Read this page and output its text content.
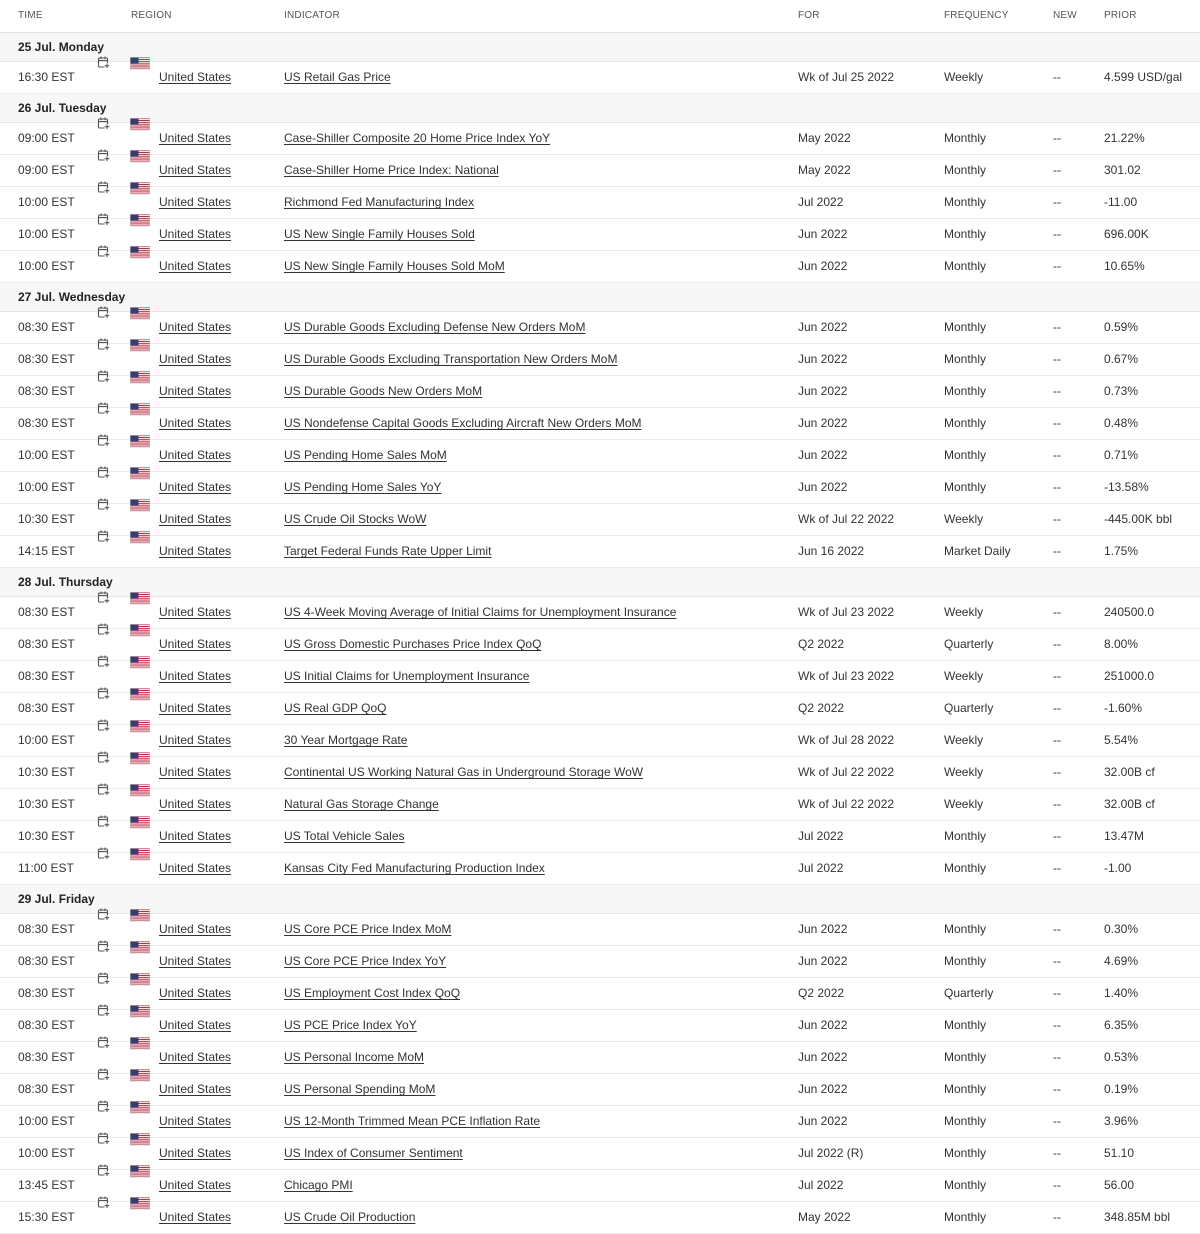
TIME	REGION	INDICATOR	FOR	FREQUENCY	NEW	PRIOR
25 Jul. Monday
16:30 EST	United States	US Retail Gas Price	Wk of Jul 25 2022	Weekly	--	4.599 USD/gal
26 Jul. Tuesday
09:00 EST	United States	Case-Shiller Composite 20 Home Price Index YoY	May 2022	Monthly	--	21.22%
09:00 EST	United States	Case-Shiller Home Price Index: National	May 2022	Monthly	--	301.02
10:00 EST	United States	Richmond Fed Manufacturing Index	Jul 2022	Monthly	--	-11.00
10:00 EST	United States	US New Single Family Houses Sold	Jun 2022	Monthly	--	696.00K
10:00 EST	United States	US New Single Family Houses Sold MoM	Jun 2022	Monthly	--	10.65%
27 Jul. Wednesday
08:30 EST	United States	US Durable Goods Excluding Defense New Orders MoM	Jun 2022	Monthly	--	0.59%
08:30 EST	United States	US Durable Goods Excluding Transportation New Orders MoM	Jun 2022	Monthly	--	0.67%
08:30 EST	United States	US Durable Goods New Orders MoM	Jun 2022	Monthly	--	0.73%
08:30 EST	United States	US Nondefense Capital Goods Excluding Aircraft New Orders MoM	Jun 2022	Monthly	--	0.48%
10:00 EST	United States	US Pending Home Sales MoM	Jun 2022	Monthly	--	0.71%
10:00 EST	United States	US Pending Home Sales YoY	Jun 2022	Monthly	--	-13.58%
10:30 EST	United States	US Crude Oil Stocks WoW	Wk of Jul 22 2022	Weekly	--	-445.00K bbl
14:15 EST	United States	Target Federal Funds Rate Upper Limit	Jun 16 2022	Market Daily	--	1.75%
28 Jul. Thursday
08:30 EST	United States	US 4-Week Moving Average of Initial Claims for Unemployment Insurance	Wk of Jul 23 2022	Weekly	--	240500.0
08:30 EST	United States	US Gross Domestic Purchases Price Index QoQ	Q2 2022	Quarterly	--	8.00%
08:30 EST	United States	US Initial Claims for Unemployment Insurance	Wk of Jul 23 2022	Weekly	--	251000.0
08:30 EST	United States	US Real GDP QoQ	Q2 2022	Quarterly	--	-1.60%
10:00 EST	United States	30 Year Mortgage Rate	Wk of Jul 28 2022	Weekly	--	5.54%
10:30 EST	United States	Continental US Working Natural Gas in Underground Storage WoW	Wk of Jul 22 2022	Weekly	--	32.00B cf
10:30 EST	United States	Natural Gas Storage Change	Wk of Jul 22 2022	Weekly	--	32.00B cf
10:30 EST	United States	US Total Vehicle Sales	Jul 2022	Monthly	--	13.47M
11:00 EST	United States	Kansas City Fed Manufacturing Production Index	Jul 2022	Monthly	--	-1.00
29 Jul. Friday
08:30 EST	United States	US Core PCE Price Index MoM	Jun 2022	Monthly	--	0.30%
08:30 EST	United States	US Core PCE Price Index YoY	Jun 2022	Monthly	--	4.69%
08:30 EST	United States	US Employment Cost Index QoQ	Q2 2022	Quarterly	--	1.40%
08:30 EST	United States	US PCE Price Index YoY	Jun 2022	Monthly	--	6.35%
08:30 EST	United States	US Personal Income MoM	Jun 2022	Monthly	--	0.53%
08:30 EST	United States	US Personal Spending MoM	Jun 2022	Monthly	--	0.19%
10:00 EST	United States	US 12-Month Trimmed Mean PCE Inflation Rate	Jun 2022	Monthly	--	3.96%
10:00 EST	United States	US Index of Consumer Sentiment	Jul 2022 (R)	Monthly	--	51.10
13:45 EST	United States	Chicago PMI	Jul 2022	Monthly	--	56.00
15:30 EST	United States	US Crude Oil Production	May 2022	Monthly	--	348.85M bbl
